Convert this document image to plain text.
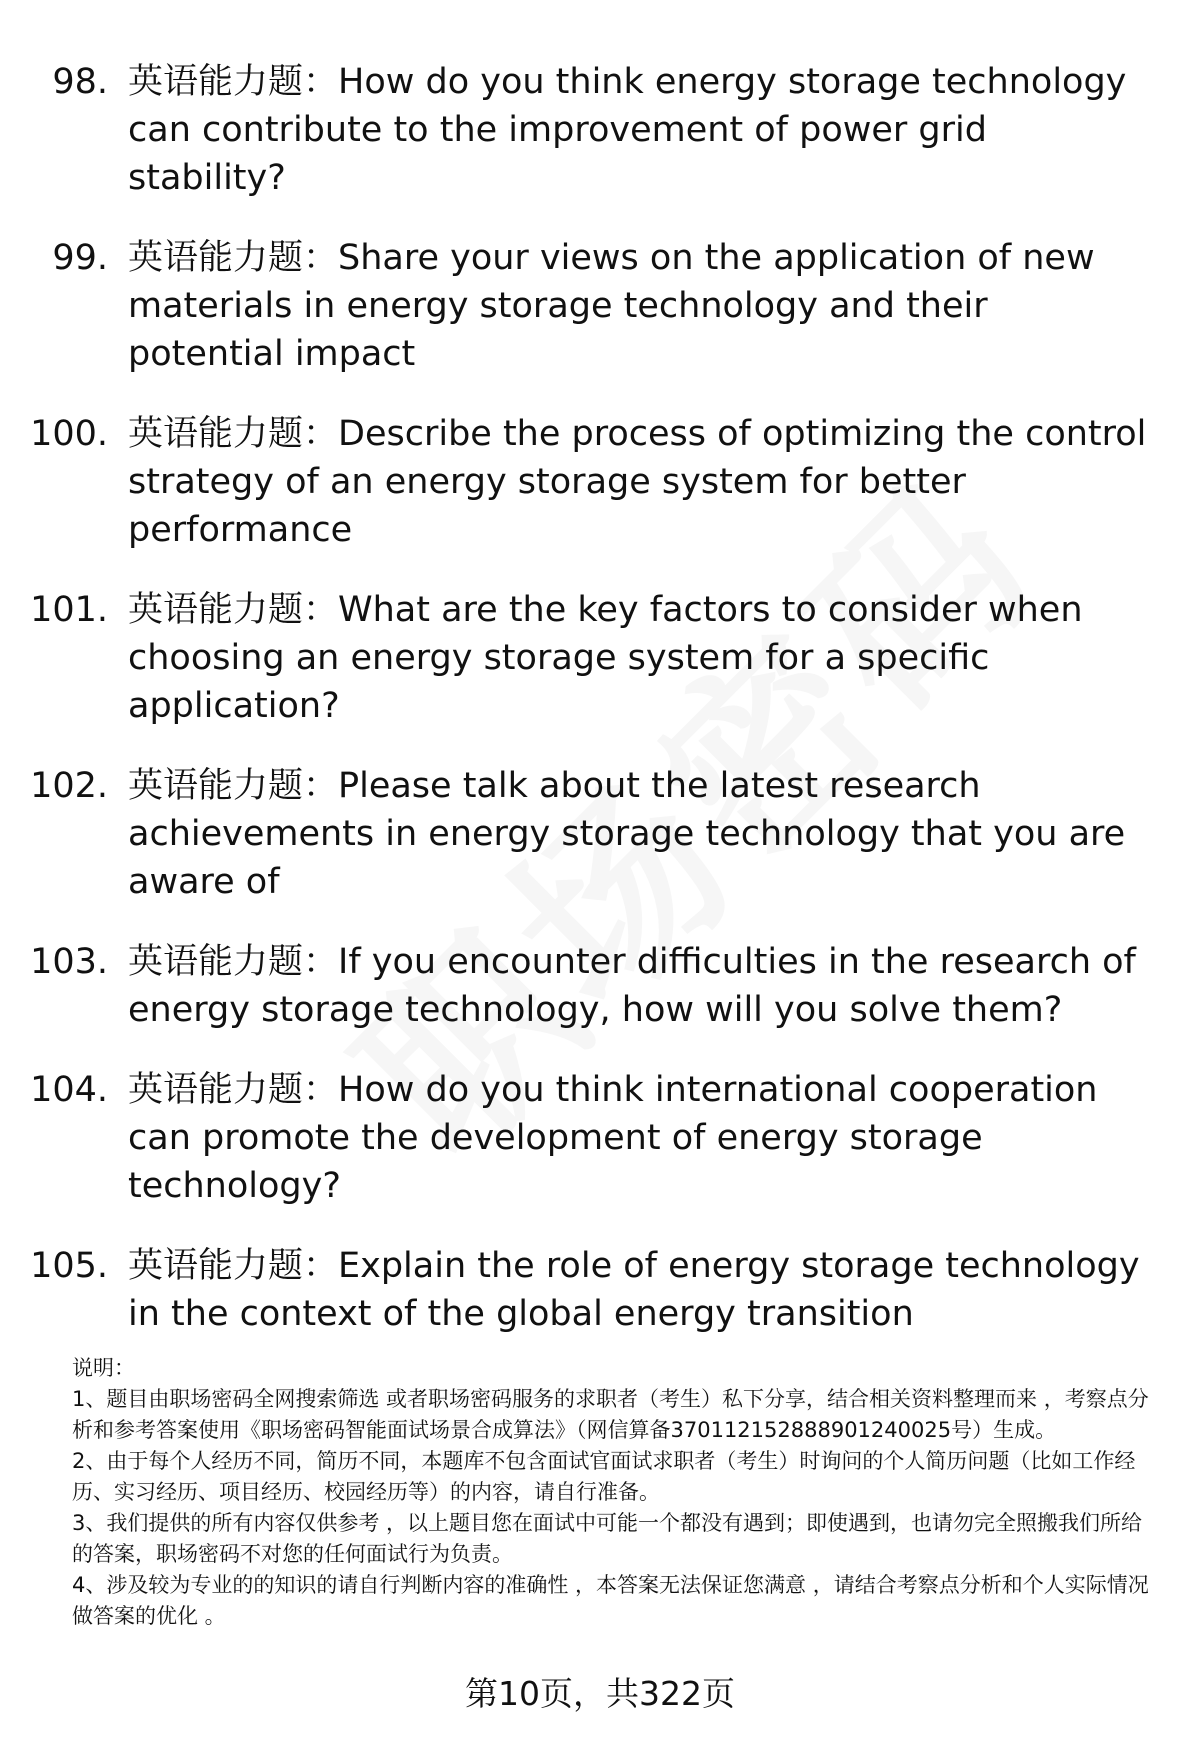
98. 英语能力题：How do you think energy storage technology can contribute to the improvement of power grid stability?
99. 英语能力题：Share your views on the application of new materials in energy storage technology and their potential impact
100. 英语能力题：Describe the process of optimizing the control strategy of an energy storage system for better performance
101. 英语能力题：What are the key factors to consider when choosing an energy storage system for a specific application?
102. 英语能力题：Please talk about the latest research achievements in energy storage technology that you are aware of
103. 英语能力题：If you encounter difficulties in the research of energy storage technology, how will you solve them?
104. 英语能力题：How do you think international cooperation can promote the development of energy storage technology?
105. 英语能力题：Explain the role of energy storage technology in the context of the global energy transition

说明：

1、题目由职场密码全网搜索筛选 或者职场密码服务的求职者（考生）私下分享，结合相关资料整理而来 ，考察点分析和参考答案使用《职场密码智能面试场景合成算法》（网信算备370112152888901240025号）生成。

2、由于每个人经历不同，简历不同，本题库不包含面试官面试求职者（考生）时询问的个人简历问题（比如工作经历、实习经历、项目经历、校园经历等）的内容，请自行准备。

3、我们提供的所有内容仅供参考 ，以上题目您在面试中可能一个都没有遇到；即使遇到，也请勿完全照搬我们所给的答案，职场密码不对您的任何面试行为负责。

4、涉及较为专业的的知识的请自行判断内容的准确性 ，本答案无法保证您满意 ，请结合考察点分析和个人实际情况做答案的优化 。

第10页，共322页
